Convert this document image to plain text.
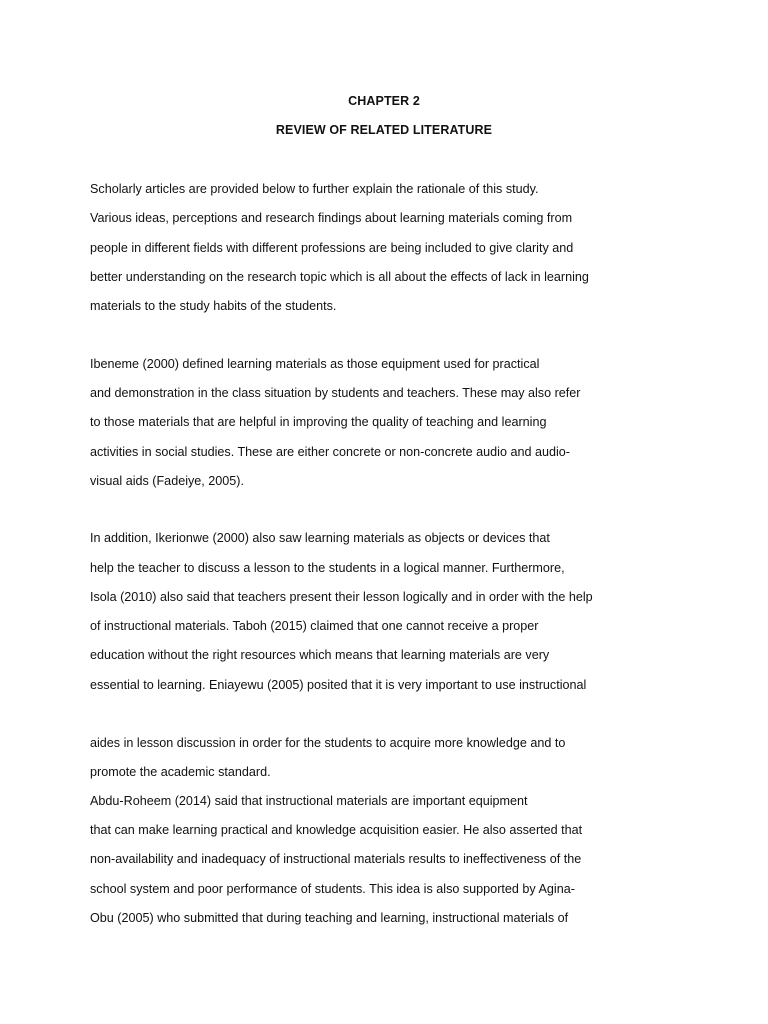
CHAPTER 2
REVIEW OF RELATED LITERATURE
Scholarly articles are provided below to further explain the rationale of this study.
Various ideas, perceptions and research findings about learning materials coming from
people in different fields with different professions are being included to give clarity and
better understanding on the research topic which is all about the effects of lack in learning
materials to the study habits of the students.
Ibeneme (2000) defined learning materials as those equipment used for practical
and demonstration in the class situation by students and teachers. These may also refer
to those materials that are helpful in improving the quality of teaching and learning
activities in social studies. These are either concrete or non-concrete audio and audio-
visual aids (Fadeiye, 2005).
In addition, Ikerionwe (2000) also saw learning materials as objects or devices that
help the teacher to discuss a lesson to the students in a logical manner. Furthermore,
Isola (2010) also said that teachers present their lesson logically and in order with the help
of instructional materials. Taboh (2015) claimed that one cannot receive a proper
education without the right resources which means that learning materials are very
essential to learning. Eniayewu (2005) posited that it is very important to use instructional
aides in lesson discussion in order for the students to acquire more knowledge and to
promote the academic standard.
Abdu-Roheem (2014) said that instructional materials are important equipment
that can make learning practical and knowledge acquisition easier. He also asserted that
non-availability and inadequacy of instructional materials results to ineffectiveness of the
school system and poor performance of students. This idea is also supported by Agina-
Obu (2005) who submitted that during teaching and learning, instructional materials of
